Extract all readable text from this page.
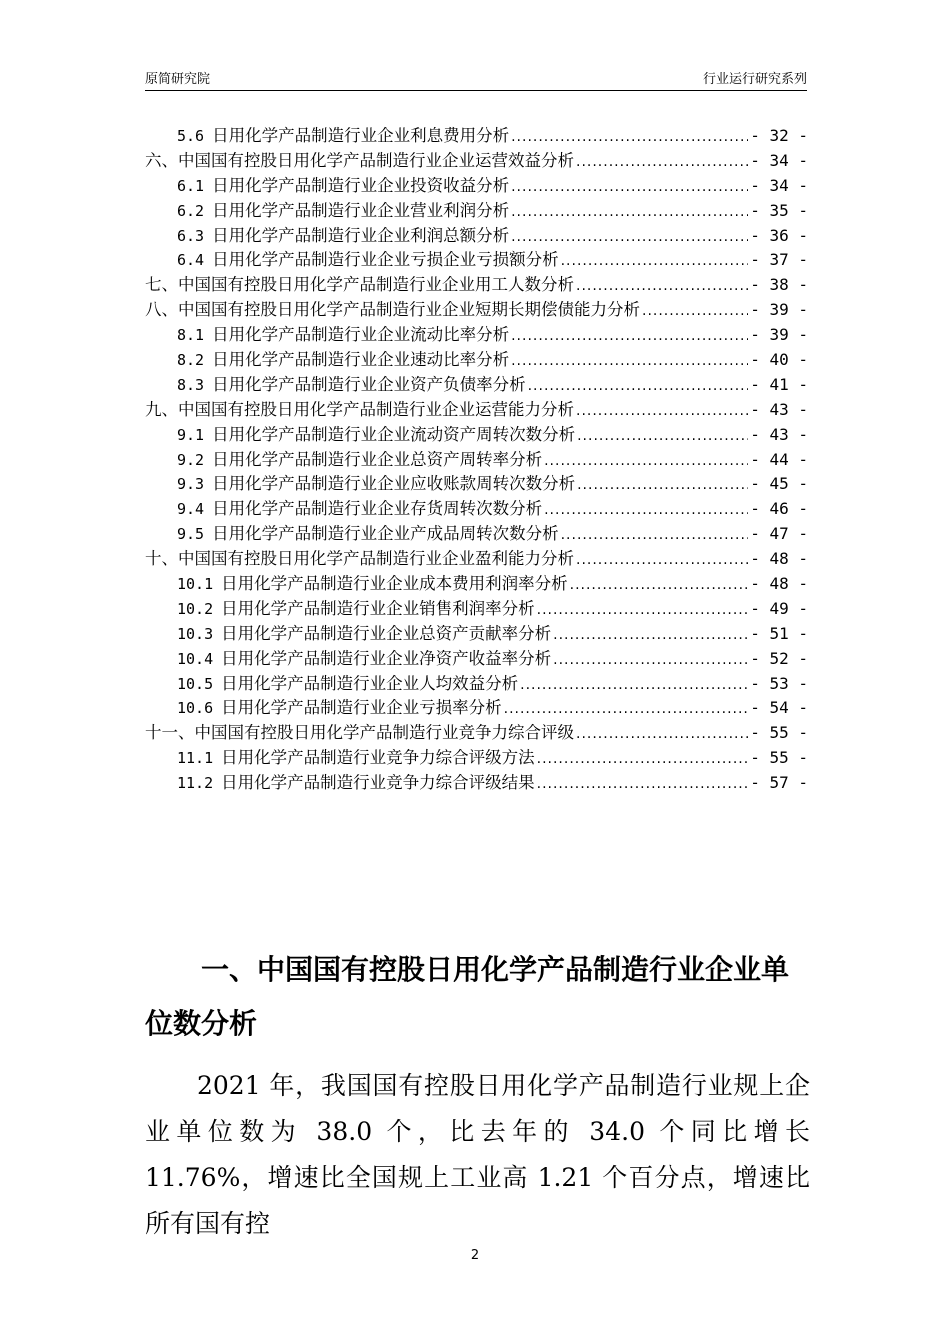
原简研究院	行业运行研究系列
5.6 日用化学产品制造行业企业利息费用分析 .....	- 32 -
六、中国国有控股日用化学产品制造行业企业运营效益分析 .....	- 34 -
6.1 日用化学产品制造行业企业投资收益分析 .....	- 34 -
6.2 日用化学产品制造行业企业营业利润分析 .....	- 35 -
6.3 日用化学产品制造行业企业利润总额分析 .....	- 36 -
6.4 日用化学产品制造行业企业亏损企业亏损额分析 .....	- 37 -
七、中国国有控股日用化学产品制造行业企业用工人数分析 .....	- 38 -
八、中国国有控股日用化学产品制造行业企业短期长期偿债能力分析 .....	- 39 -
8.1 日用化学产品制造行业企业流动比率分析 .....	- 39 -
8.2 日用化学产品制造行业企业速动比率分析 .....	- 40 -
8.3 日用化学产品制造行业企业资产负债率分析 .....	- 41 -
九、中国国有控股日用化学产品制造行业企业运营能力分析 .....	- 43 -
9.1 日用化学产品制造行业企业流动资产周转次数分析 .....	- 43 -
9.2 日用化学产品制造行业企业总资产周转率分析 .....	- 44 -
9.3 日用化学产品制造行业企业应收账款周转次数分析 .....	- 45 -
9.4 日用化学产品制造行业企业存货周转次数分析 .....	- 46 -
9.5 日用化学产品制造行业企业产成品周转次数分析 .....	- 47 -
十、中国国有控股日用化学产品制造行业企业盈利能力分析 .....	- 48 -
10.1 日用化学产品制造行业企业成本费用利润率分析 .....	- 48 -
10.2 日用化学产品制造行业企业销售利润率分析 .....	- 49 -
10.3 日用化学产品制造行业企业总资产贡献率分析 .....	- 51 -
10.4 日用化学产品制造行业企业净资产收益率分析 .....	- 52 -
10.5 日用化学产品制造行业企业人均效益分析 .....	- 53 -
10.6 日用化学产品制造行业企业亏损率分析 .....	- 54 -
十一、中国国有控股日用化学产品制造行业竞争力综合评级 .....	- 55 -
11.1 日用化学产品制造行业竞争力综合评级方法 .....	- 55 -
11.2 日用化学产品制造行业竞争力综合评级结果 .....	- 57 -
一、中国国有控股日用化学产品制造行业企业单位数分析
2021 年，我国国有控股日用化学产品制造行业规上企业单位数为 38.0 个，比去年的 34.0 个同比增长 11.76%，增速比全国规上工业高 1.21 个百分点，增速比所有国有控
2
